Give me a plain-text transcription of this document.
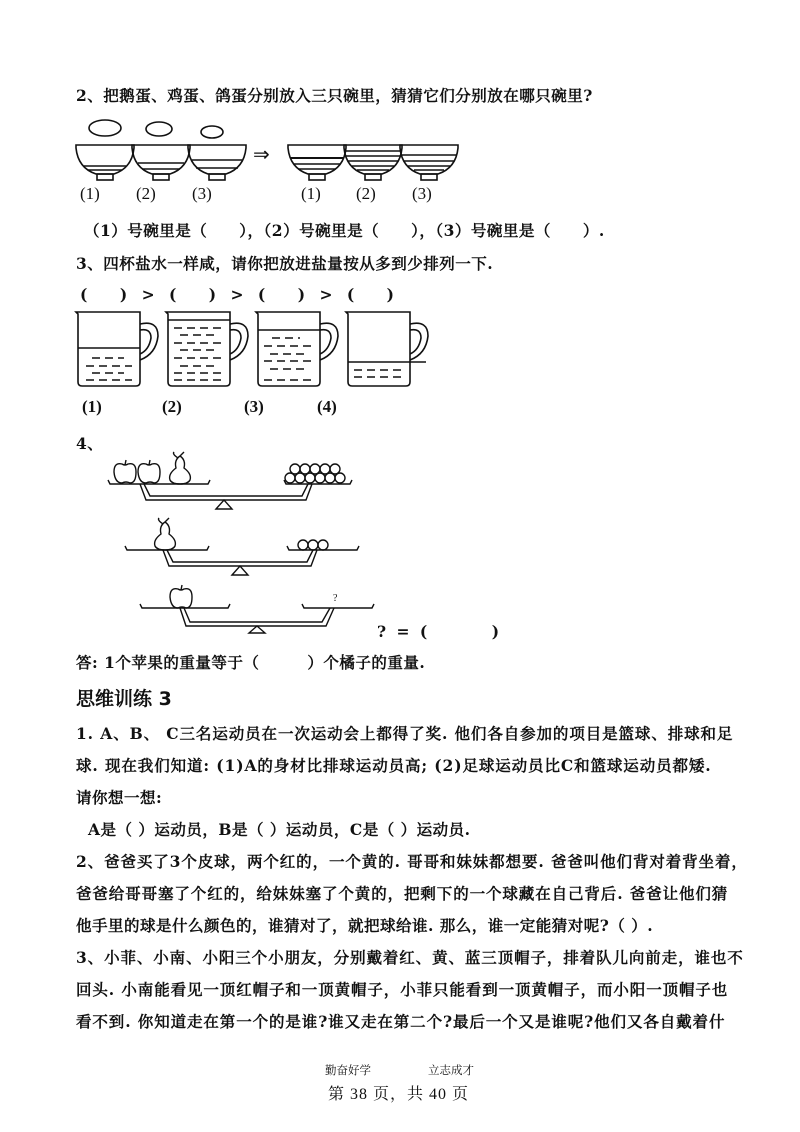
2、把鹅蛋、鸡蛋、鸽蛋分别放入三只碗里，猜猜它们分别放在哪只碗里?
⇒
(1) (2) (3)	(1) (2) (3)
（1）号碗里是（　　），（2）号碗里是（　　），（3）号碗里是（　　）.
3、四杯盐水一样咸，请你把放进盐量按从多到少排列一下.
(　　) > (　　) > (　　) > (　　)
(1)	(2)	(3)	(4)
4、
?
? = (　　　　)
答: 1个苹果的重量等于（　　　）个橘子的重量.
思维训练 3
1. A、B、 C三名运动员在一次运动会上都得了奖. 他们各自参加的项目是篮球、排球和足
球. 现在我们知道: (1)A的身材比排球运动员高; (2)足球运动员比C和篮球运动员都矮.
请你想一想:
A是（ ）运动员，B是（ ）运动员，C是（ ）运动员.
2、爸爸买了3个皮球，两个红的，一个黄的. 哥哥和妹妹都想要. 爸爸叫他们背对着背坐着，
爸爸给哥哥塞了个红的，给妹妹塞了个黄的，把剩下的一个球藏在自己背后. 爸爸让他们猜
他手里的球是什么颜色的，谁猜对了，就把球给谁. 那么，谁一定能猜对呢?（ ）.
3、小菲、小南、小阳三个小朋友，分别戴着红、黄、蓝三顶帽子，排着队儿向前走，谁也不
回头. 小南能看见一顶红帽子和一顶黄帽子，小菲只能看到一顶黄帽子，而小阳一顶帽子也
看不到. 你知道走在第一个的是谁?谁又走在第二个?最后一个又是谁呢?他们又各自戴着什
勤奋好学	立志成才
第 38 页，共 40 页
